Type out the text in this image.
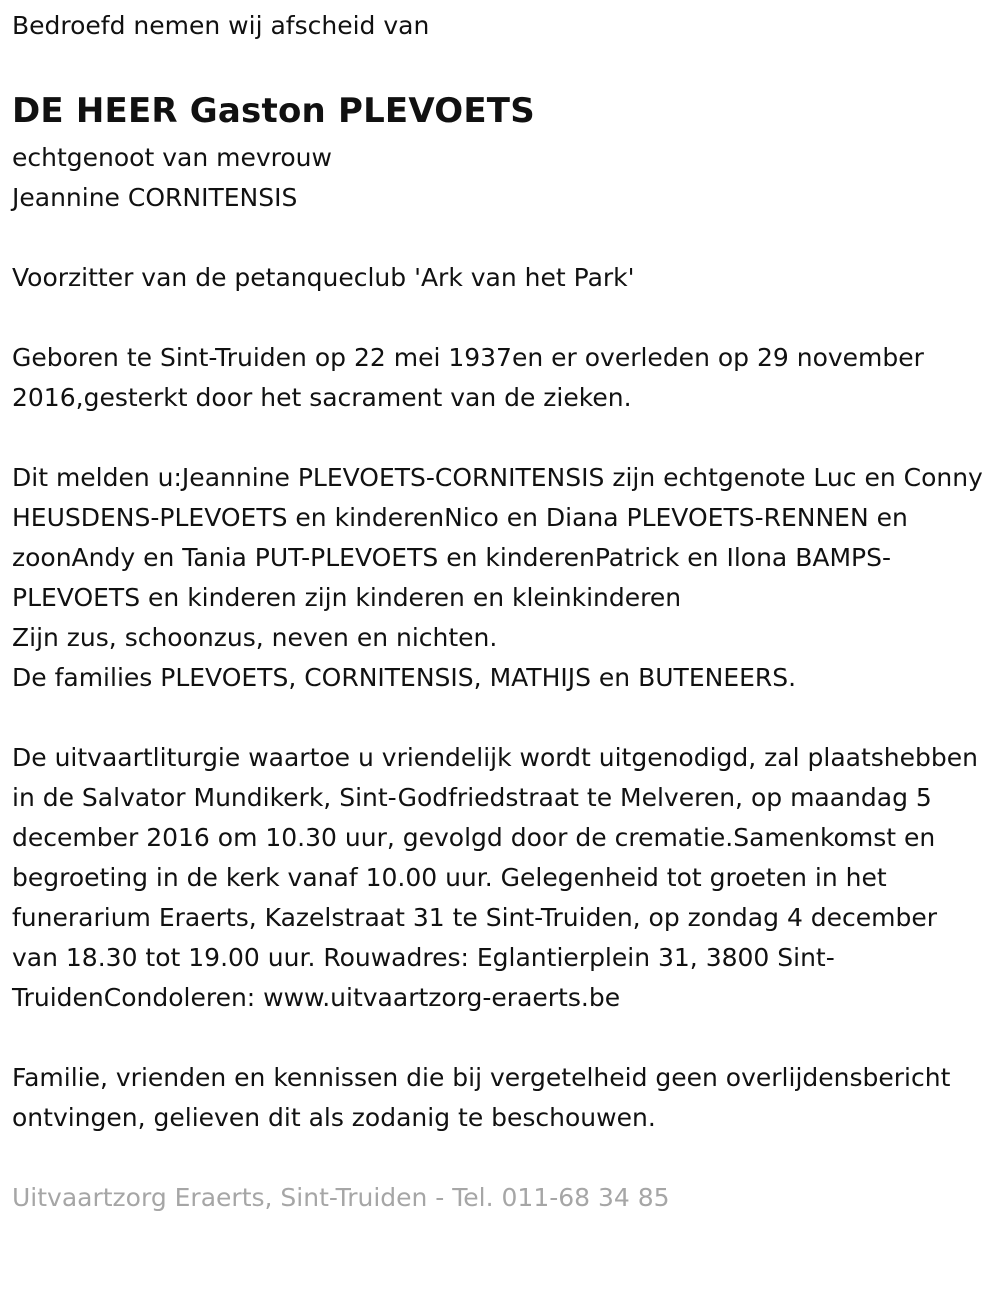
Bedroefd nemen wij afscheid van

DE HEER Gaston PLEVOETS

echtgenoot van mevrouw

Jeannine CORNITENSIS

Voorzitter van de petanqueclub 'Ark van het Park'

Geboren te Sint-Truiden op 22 mei 1937en er overleden op 29 november 2016,gesterkt door het sacrament van de zieken.

Dit melden u:Jeannine PLEVOETS-CORNITENSIS zijn echtgenote Luc en Conny HEUSDENS-PLEVOETS en kinderenNico en Diana PLEVOETS-RENNEN en zoonAndy en Tania PUT-PLEVOETS en kinderenPatrick en Ilona BAMPS-PLEVOETS en kinderen zijn kinderen en kleinkinderen

Zijn zus, schoonzus, neven en nichten.

De families PLEVOETS, CORNITENSIS, MATHIJS en BUTENEERS.

De uitvaartliturgie waartoe u vriendelijk wordt uitgenodigd, zal plaatshebben in de Salvator Mundikerk, Sint-Godfriedstraat te Melveren, op maandag 5 december 2016 om 10.30 uur, gevolgd door de crematie.Samenkomst en begroeting in de kerk vanaf 10.00 uur. Gelegenheid tot groeten in het funerarium Eraerts, Kazelstraat 31 te Sint-Truiden, op zondag 4 december van 18.30 tot 19.00 uur. Rouwadres: Eglantierplein 31, 3800 Sint-TruidenCondoleren: www.uitvaartzorg-eraerts.be

Familie, vrienden en kennissen die bij vergetelheid geen overlijdensbericht ontvingen, gelieven dit als zodanig te beschouwen.

Uitvaartzorg Eraerts, Sint-Truiden - Tel. 011-68 34 85
